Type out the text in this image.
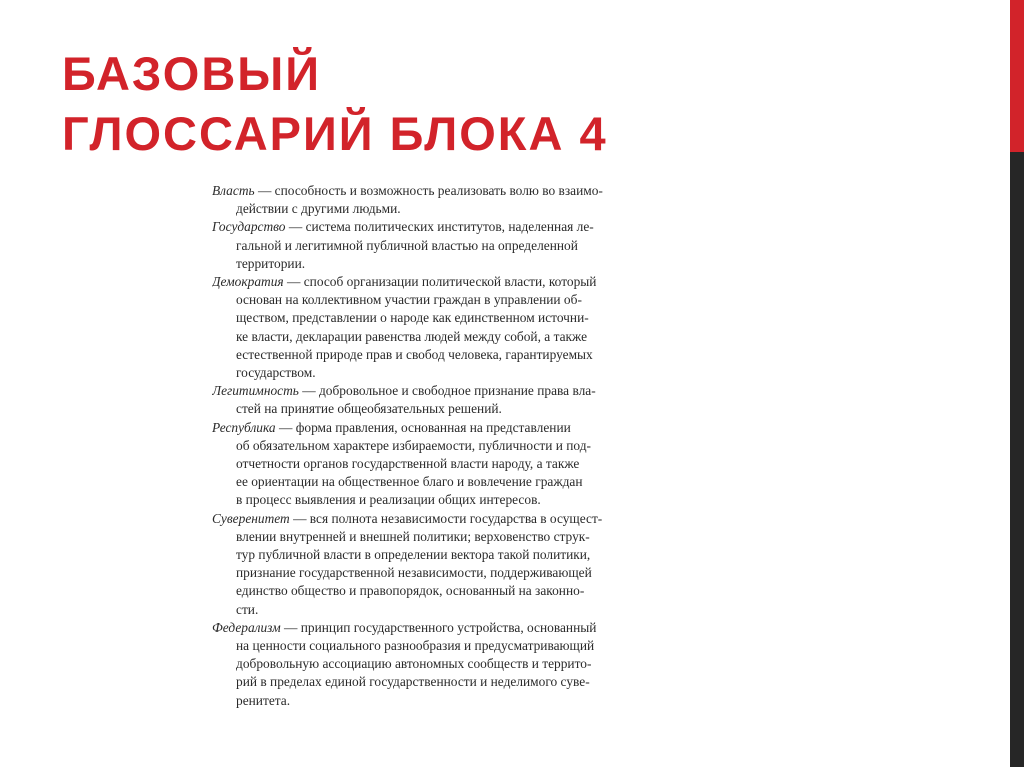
БАЗОВЫЙ
ГЛОССАРИЙ БЛОКА 4
Власть — способность и возможность реализовать волю во взаимо-
действии с другими людьми.
Государство — система политических институтов, наделенная ле-
гальной и легитимной публичной властью на определенной
территории.
Демократия — способ организации политической власти, который
основан на коллективном участии граждан в управлении об-
ществом, представлении о народе как единственном источни-
ке власти, декларации равенства людей между собой, а также
естественной природе прав и свобод человека, гарантируемых
государством.
Легитимность — добровольное и свободное признание права вла-
стей на принятие общеобязательных решений.
Республика — форма правления, основанная на представлении
об обязательном характере избираемости, публичности и под-
отчетности органов государственной власти народу, а также
ее ориентации на общественное благо и вовлечение граждан
в процесс выявления и реализации общих интересов.
Суверенитет — вся полнота независимости государства в осущест-
влении внутренней и внешней политики; верховенство струк-
тур публичной власти в определении вектора такой политики,
признание государственной независимости, поддерживающей
единство общество и правопорядок, основанный на законно-
сти.
Федерализм — принцип государственного устройства, основанный
на ценности социального разнообразия и предусматривающий
добровольную ассоциацию автономных сообществ и террито-
рий в пределах единой государственности и неделимого суве-
ренитета.
